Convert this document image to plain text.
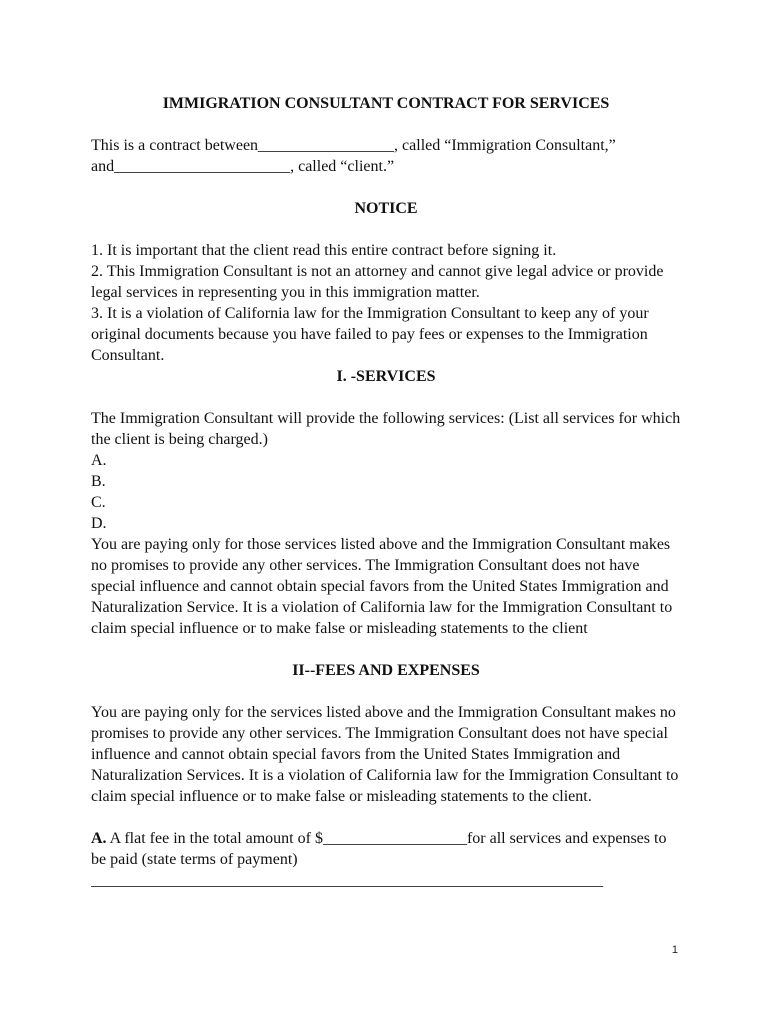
IMMIGRATION CONSULTANT CONTRACT FOR SERVICES

This is a contract between_________________, called “Immigration Consultant,”

and______________________, called “client.”

NOTICE

1. It is important that the client read this entire contract before signing it.

2. This Immigration Consultant is not an attorney and cannot give legal advice or provide legal services in representing you in this immigration matter.

3. It is a violation of California law for the Immigration Consultant to keep any of your original documents because you have failed to pay fees or expenses to the Immigration Consultant.

I. -SERVICES

The Immigration Consultant will provide the following services: (List all services for which the client is being charged.)

A.

B.

C.

D.

You are paying only for those services listed above and the Immigration Consultant makes no promises to provide any other services. The Immigration Consultant does not have special influence and cannot obtain special favors from the United States Immigration and Naturalization Service. It is a violation of California law for the Immigration Consultant to claim special influence or to make false or misleading statements to the client

II--FEES AND EXPENSES

You are paying only for the services listed above and the Immigration Consultant makes no promises to provide any other services. The Immigration Consultant does not have special influence and cannot obtain special favors from the United States Immigration and Naturalization Services. It is a violation of California law for the Immigration Consultant to claim special influence or to make false or misleading statements to the client.

A. A flat fee in the total amount of $__________________for all services and expenses to be paid (state terms of payment)

________________________________________________________________

1
